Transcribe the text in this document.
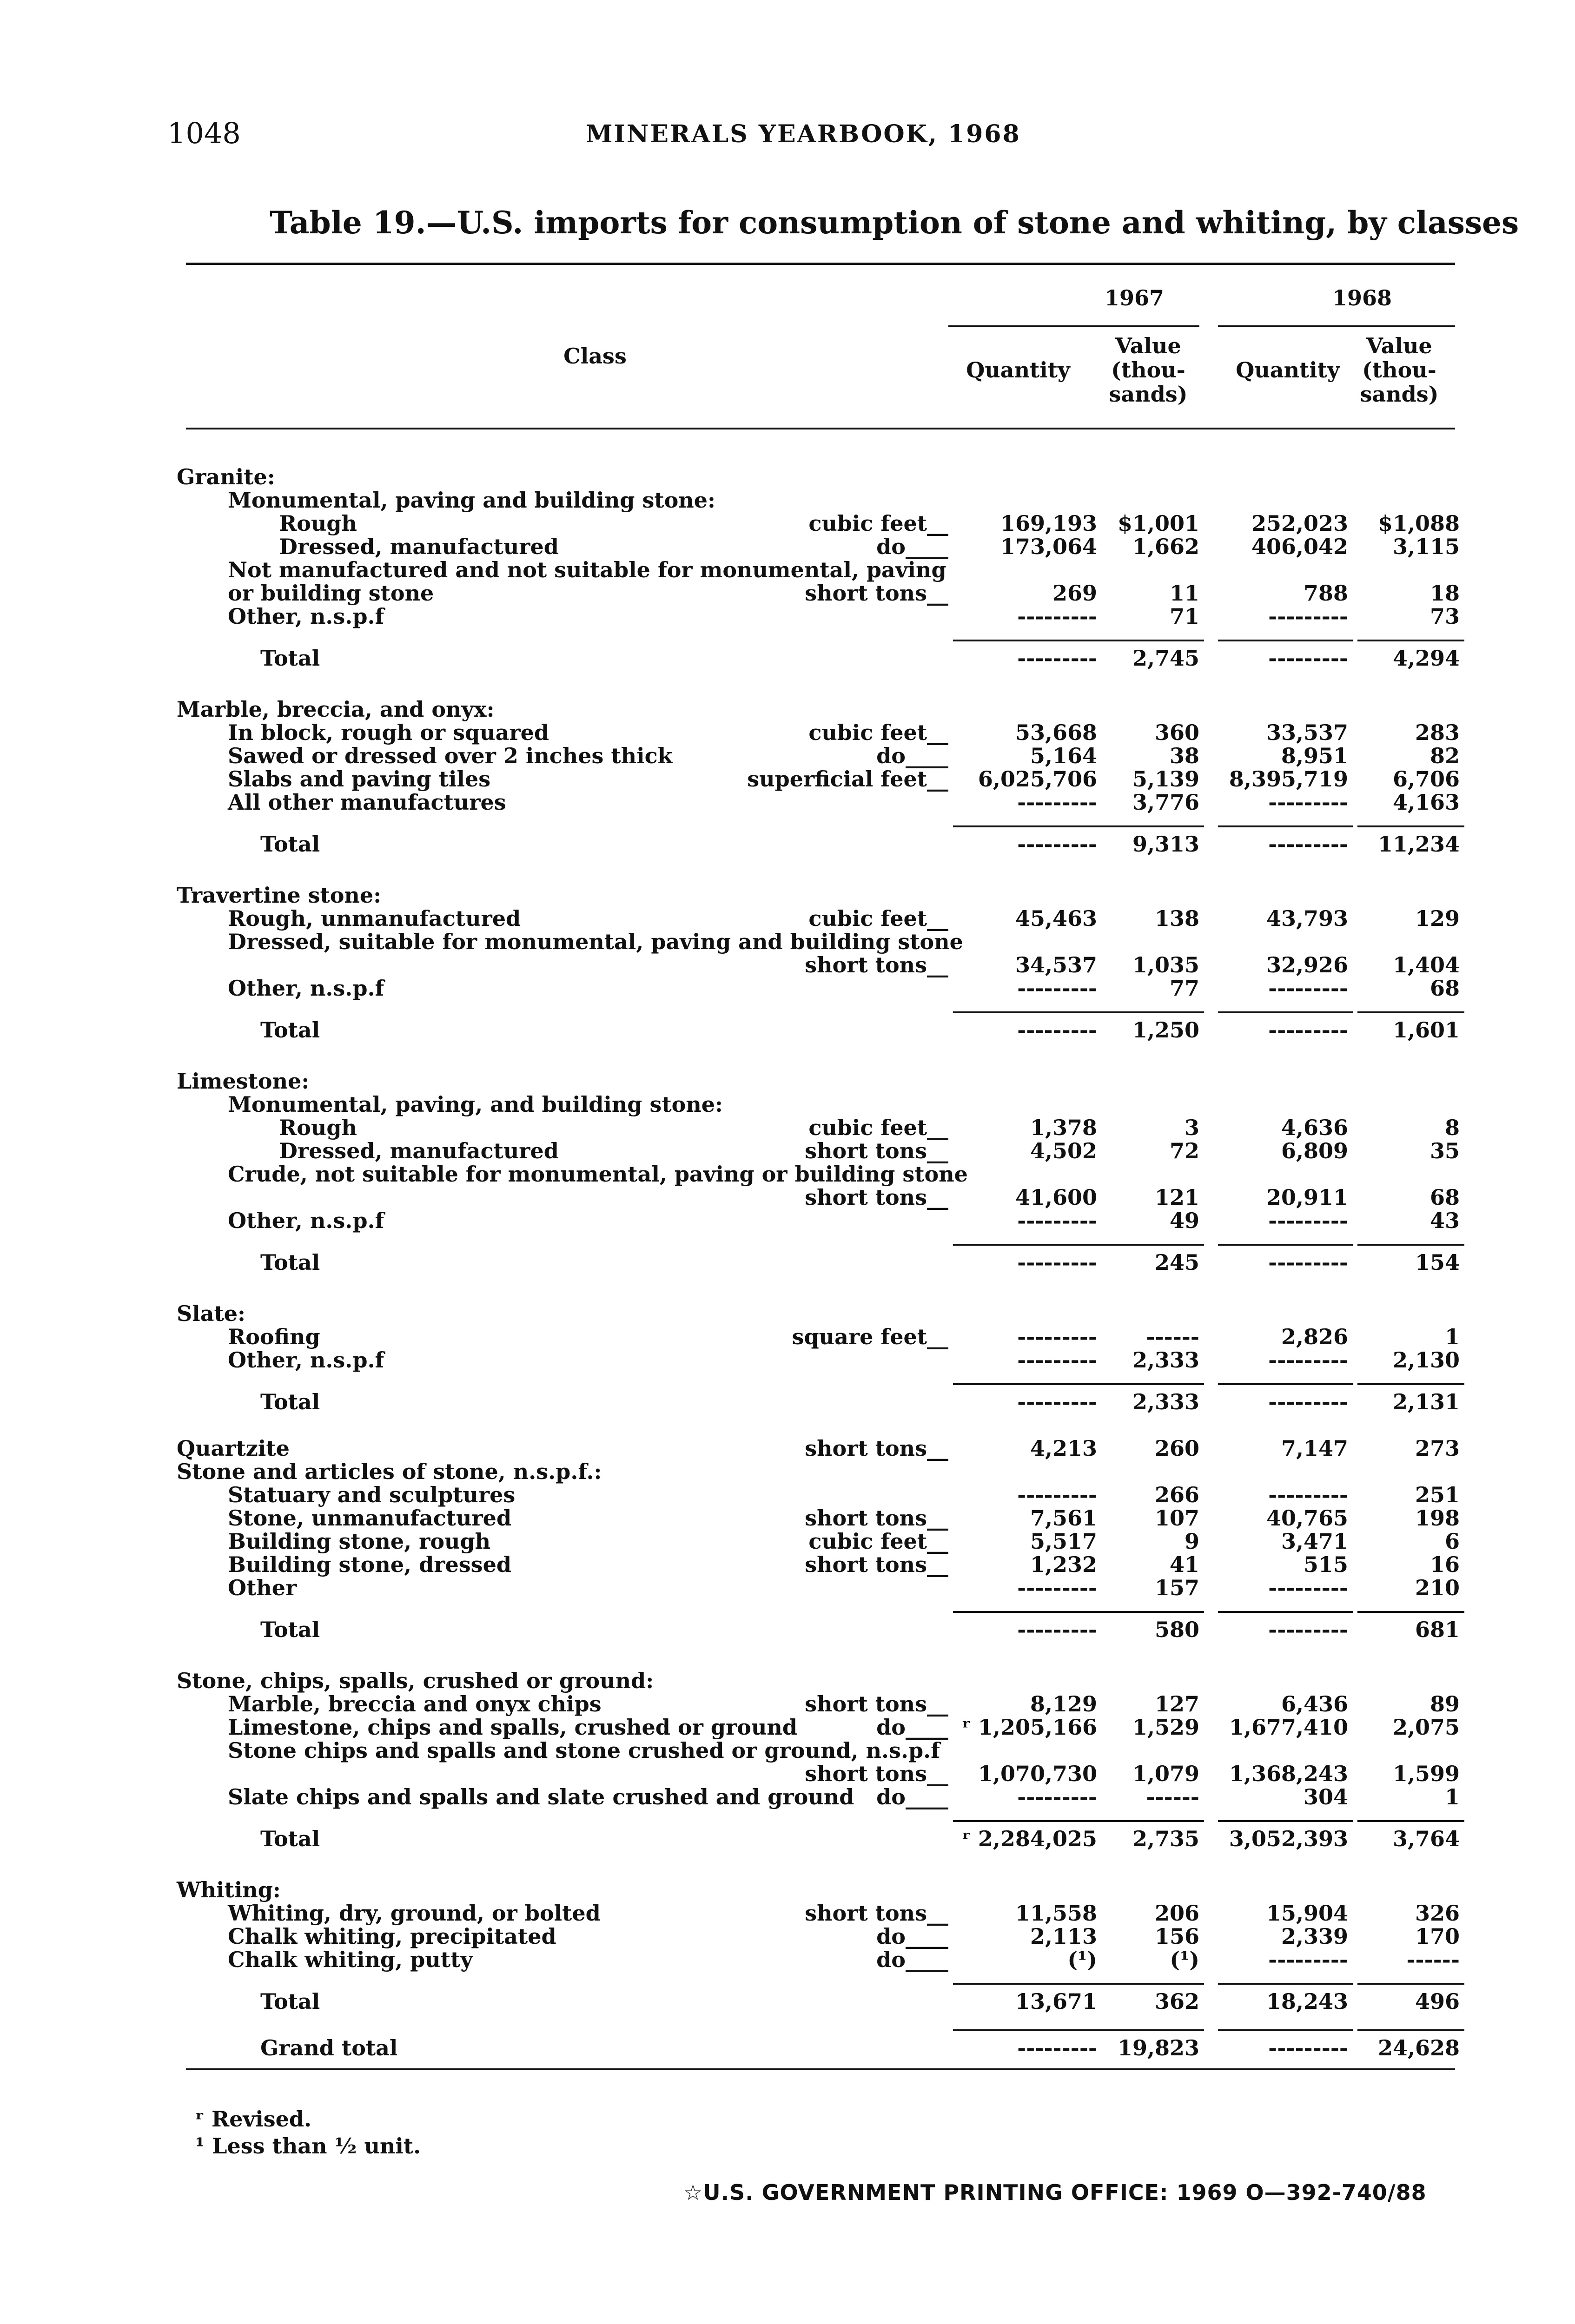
1048	MINERALS YEARBOOK, 1968
Table 19.—U.S. imports for consumption of stone and whiting, by classes
Class
1967	1968
Quantity
Value (thou-
sands)
Quantity
Value (thou-
sands)
Granite:
Monumental, paving and building stone:
Rough	cubic feet__ 169,193 $1,001 252,023 $1,088
Dressed, manufactured	do____ 173,064 1,662 406,042 3,115
Not manufactured and not suitable for monumental, paving
or building stone	short tons__	269	11	788	18
Other, n.s.p.f	---------	71	---------	73
Total	--------- 2,745	--------- 4,294
Marble, breccia, and onyx:
In block, rough or squared	cubic feet__	53,668	360	33,537	283
Sawed or dressed over 2 inches thick	do____	5,164	38	8,951	82
Slabs and paving tiles	superficial feet__ 6,025,706 5,139 8,395,719 6,706
All other manufactures	--------- 3,776	--------- 4,163
Total	--------- 9,313	--------- 11,234
Travertine stone:
Rough, unmanufactured	cubic feet__	45,463	138	43,793	129
Dressed, suitable for monumental, paving and building stone
short tons__	34,537 1,035	32,926 1,404
Other, n.s.p.f	---------	77	---------	68
Total	--------- 1,250	--------- 1,601
Limestone:
Monumental, paving, and building stone:
Rough	cubic feet__	1,378	3	4,636	8
Dressed, manufactured	short tons__	4,502	72	6,809	35
Crude, not suitable for monumental, paving or building stone
short tons__	41,600	121	20,911	68
Other, n.s.p.f	---------	49	---------	43
Total	---------	245	---------	154
Slate:
Roofing	square feet__	--------- ------	2,826	1
Other, n.s.p.f	--------- 2,333	--------- 2,130
Total	--------- 2,333	--------- 2,131
Quartzite	short tons__	4,213	260	7,147	273
Stone and articles of stone, n.s.p.f.:
Statuary and sculptures	---------	266	---------	251
Stone, unmanufactured	short tons__	7,561	107	40,765	198
Building stone, rough	cubic feet__	5,517	9	3,471	6
Building stone, dressed	short tons__	1,232	41	515	16
Other	---------	157	---------	210
Total	---------	580	---------	681
Stone, chips, spalls, crushed or ground:
Marble, breccia and onyx chips	short tons__	8,129	127	6,436	89
Limestone, chips and spalls, crushed or ground	do____ ʳ 1,205,166 1,529 1,677,410 2,075
Stone chips and spalls and stone crushed or ground, n.s.p.f
short tons__ 1,070,730 1,079 1,368,243 1,599
Slate chips and spalls and slate crushed and ground do____	--------- ------	304	1
Total	ʳ 2,284,025 2,735 3,052,393 3,764
Whiting:
Whiting, dry, ground, or bolted	short tons__	11,558	206	15,904	326
Chalk whiting, precipitated	do____	2,113	156	2,339	170
Chalk whiting, putty	do____	(¹)	(¹)	---------	------
Total	13,671	362	18,243	496
Grand total	--------- 19,823	--------- 24,628
ʳ Revised.
¹ Less than ½ unit.
☆U.S. GOVERNMENT PRINTING OFFICE: 1969 O—392-740/88
